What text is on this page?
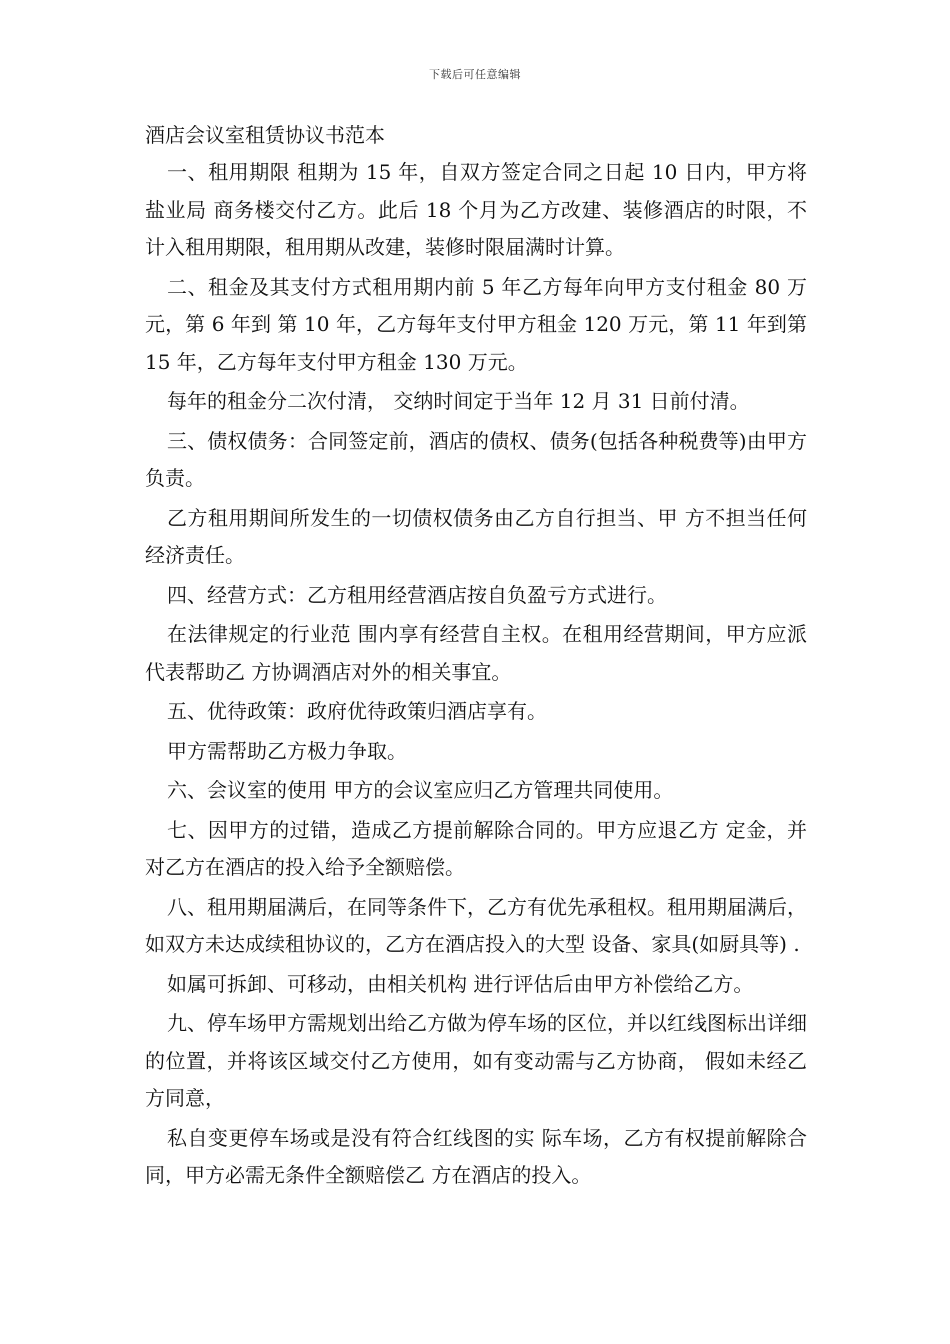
下载后可任意编辑

酒店会议室租赁协议书范本

一、租用期限 租期为 15 年，自双方签定合同之日起 10 日内，甲方将盐业局 商务楼交付乙方。此后 18 个月为乙方改建、装修酒店的时限，不计入租用期限，租用期从改建，装修时限届满时计算。

二、租金及其支付方式租用期内前 5 年乙方每年向甲方支付租金 80 万元，第 6 年到 第 10 年，乙方每年支付甲方租金 120 万元，第 11 年到第 15 年，乙方每年支付甲方租金 130 万元。

每年的租金分二次付清， 交纳时间定于当年 12 月 31 日前付清。

三、债权债务：合同签定前，酒店的债权、债务(包括各种税费等)由甲方负责。

乙方租用期间所发生的一切债权债务由乙方自行担当、甲 方不担当任何经济责任。

四、经营方式：乙方租用经营酒店按自负盈亏方式进行。

在法律规定的行业范 围内享有经营自主权。在租用经营期间，甲方应派代表帮助乙 方协调酒店对外的相关事宜。

五、优待政策：政府优待政策归酒店享有。

甲方需帮助乙方极力争取。

六、会议室的使用 甲方的会议室应归乙方管理共同使用。

七、因甲方的过错，造成乙方提前解除合同的。甲方应退乙方 定金，并对乙方在酒店的投入给予全额赔偿。

八、租用期届满后，在同等条件下，乙方有优先承租权。租用期届满后，如双方未达成续租协议的，乙方在酒店投入的大型 设备、家具(如厨具等) .

如属可拆卸、可移动，由相关机构 进行评估后由甲方补偿给乙方。

九、停车场甲方需规划出给乙方做为停车场的区位，并以红线图标出详细的位置，并将该区域交付乙方使用，如有变动需与乙方协商， 假如未经乙方同意，

私自变更停车场或是没有符合红线图的实 际车场，乙方有权提前解除合同，甲方必需无条件全额赔偿乙 方在酒店的投入。
